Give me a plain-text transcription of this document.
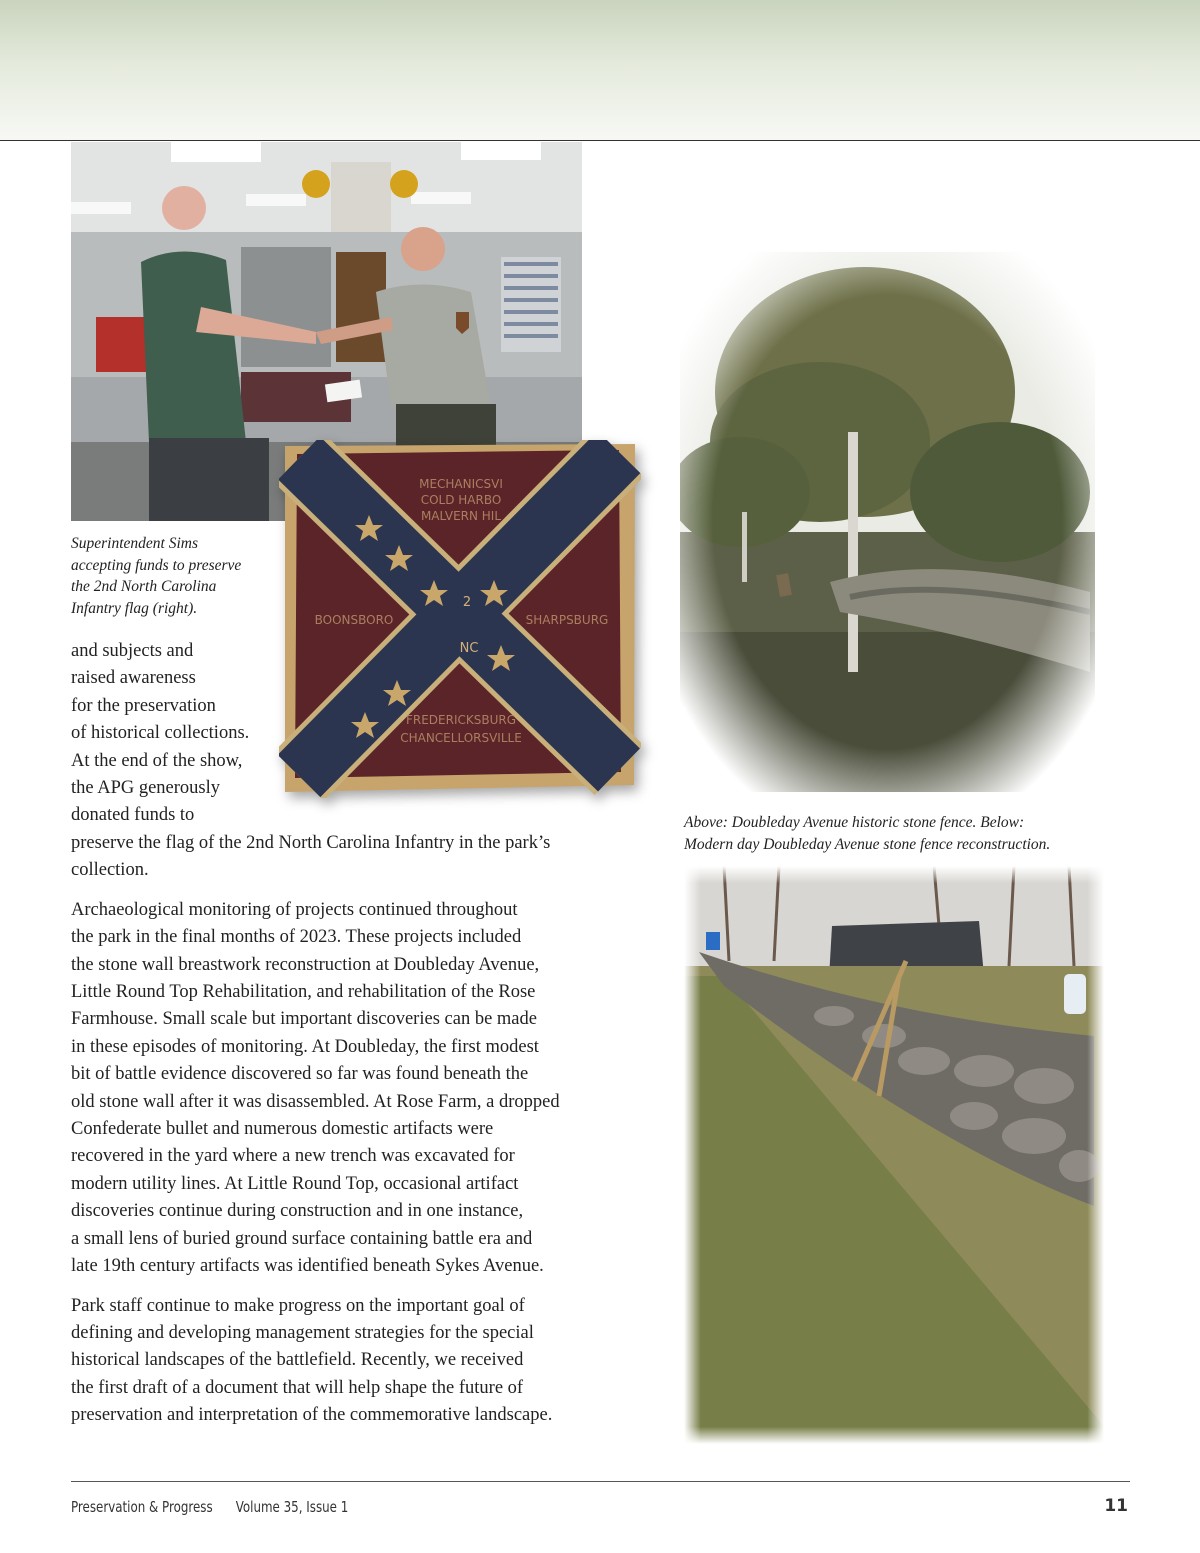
MECHANICSVI
COLD HARBO
MALVERN HIL
BOONSBORO	SHARPSBURG
FREDERICKSBURG
CHANCELLORSVILLE
2
NC
Superintendent Sims
accepting funds to preserve
the 2nd North Carolina
Infantry flag (right).
and subjects and
raised awareness
for the preservation
of historical collections.
At the end of the show,
the APG generously
donated funds to

preserve the flag of the 2nd North Carolina Infantry in the park’s
collection.

Archaeological monitoring of projects continued throughout
the park in the final months of 2023. These projects included
the stone wall breastwork reconstruction at Doubleday Avenue,
Little Round Top Rehabilitation, and rehabilitation of the Rose
Farmhouse. Small scale but important discoveries can be made
in these episodes of monitoring. At Doubleday, the first modest
bit of battle evidence discovered so far was found beneath the
old stone wall after it was disassembled. At Rose Farm, a dropped
Confederate bullet and numerous domestic artifacts were
recovered in the yard where a new trench was excavated for
modern utility lines. At Little Round Top, occasional artifact
discoveries continue during construction and in one instance,
a small lens of buried ground surface containing battle era and
late 19th century artifacts was identified beneath Sykes Avenue.

Park staff continue to make progress on the important goal of
defining and developing management strategies for the special
historical landscapes of the battlefield. Recently, we received
the first draft of a document that will help shape the future of
preservation and interpretation of the commemorative landscape.

Above: Doubleday Avenue historic stone fence. Below:
Modern day Doubleday Avenue stone fence reconstruction.
Preservation & Progress Volume 35, Issue 1	11
